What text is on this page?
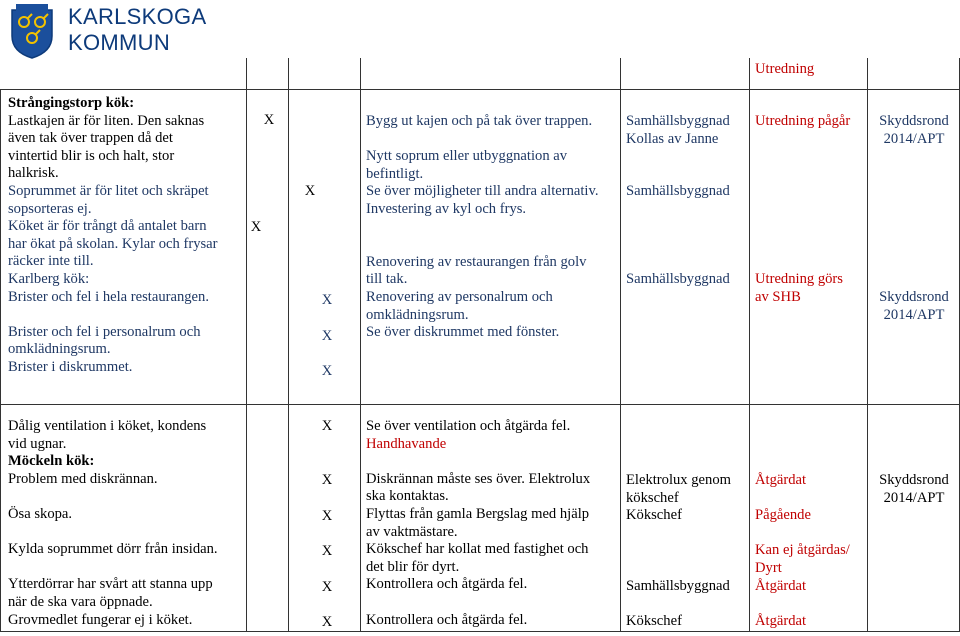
KARLSKOGA
KOMMUN
Utredning

Strångingstorp kök:

Lastkajen är för liten. Den saknas

även tak över trappen då det

vintertid blir is och halt, stor

halkrisk.

Soprummet är för litet och skräpet

sopsorteras ej.

Köket är för trångt då antalet barn

har ökat på skolan. Kylar och frysar

räcker inte till.

Karlberg kök:

Brister och fel i hela restaurangen.

Brister och fel i personalrum och

omklädningsrum.

Brister i diskrummet.

X
X
X
X
X
X

Bygg ut kajen och på tak över trappen.

Nytt soprum eller utbyggnation av

befintligt.

Se över möjligheter till andra alternativ.

Investering av kyl och frys.

Renovering av restaurangen från golv

till tak.

Renovering av personalrum och

omklädningsrum.

Se över diskrummet med fönster.

Samhällsbyggnad

Kollas av Janne

Samhällsbyggnad

Samhällsbyggnad

Utredning pågår

Utredning görs

av SHB

Skyddsrond

2014/APT

Skyddsrond

2014/APT

Dålig ventilation i köket, kondens

vid ugnar.

Möckeln kök:

Problem med diskrännan.

Ösa skopa.

Kylda soprummet dörr från insidan.

Ytterdörrar har svårt att stanna upp

när de ska vara öppnade.

Grovmedlet fungerar ej i köket.

X
X
X
X
X
X

Se över ventilation och åtgärda fel.

Handhavande

Diskrännan måste ses över. Elektrolux

ska kontaktas.

Flyttas från gamla Bergslag med hjälp

av vaktmästare.

Kökschef har kollat med fastighet och

det blir för dyrt.

Kontrollera och åtgärda fel.

Kontrollera och åtgärda fel.

Elektrolux genom

kökschef

Kökschef

Samhällsbyggnad

Kökschef

Åtgärdat

Pågående

Kan ej åtgärdas/

Dyrt

Åtgärdat

Åtgärdat

Skyddsrond

2014/APT
